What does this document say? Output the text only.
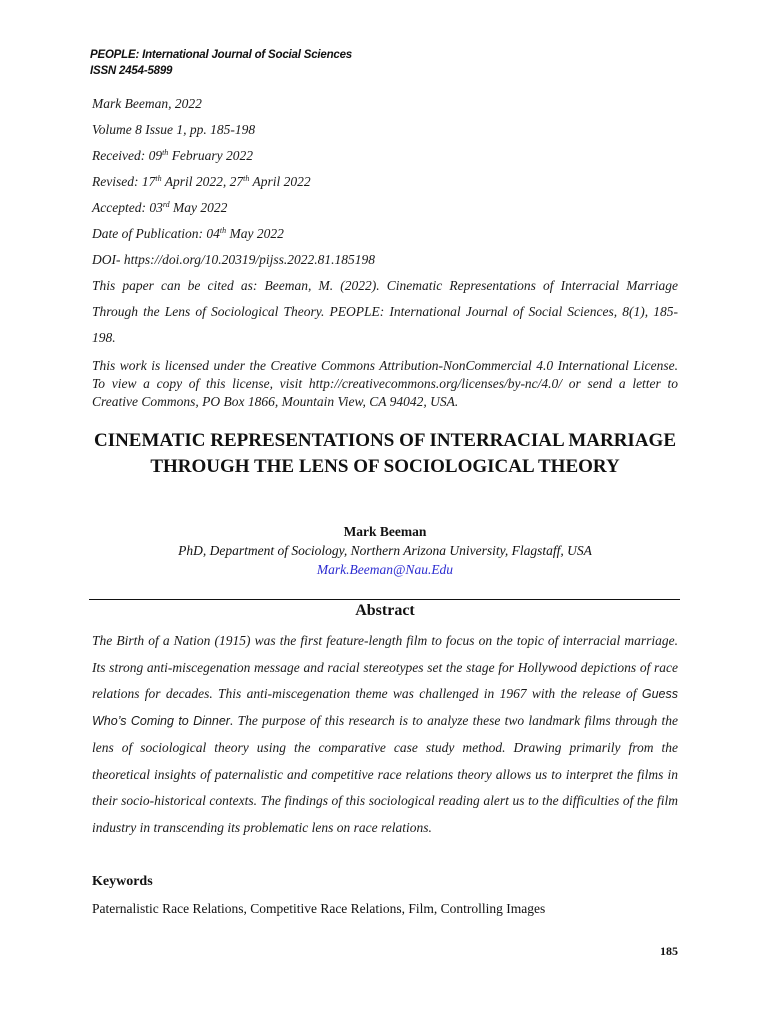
PEOPLE: International Journal of Social Sciences
ISSN 2454-5899
Mark Beeman, 2022
Volume 8 Issue 1, pp. 185-198
Received: 09th February 2022
Revised: 17th April 2022, 27th April 2022
Accepted: 03rd May 2022
Date of Publication: 04th May 2022
DOI- https://doi.org/10.20319/pijss.2022.81.185198
This paper can be cited as: Beeman, M. (2022). Cinematic Representations of Interracial Marriage Through the Lens of Sociological Theory. PEOPLE: International Journal of Social Sciences, 8(1), 185-198.
This work is licensed under the Creative Commons Attribution-NonCommercial 4.0 International License. To view a copy of this license, visit http://creativecommons.org/licenses/by-nc/4.0/ or send a letter to Creative Commons, PO Box 1866, Mountain View, CA 94042, USA.
CINEMATIC REPRESENTATIONS OF INTERRACIAL MARRIAGE THROUGH THE LENS OF SOCIOLOGICAL THEORY
Mark Beeman
PhD, Department of Sociology, Northern Arizona University, Flagstaff, USA
Mark.Beeman@Nau.Edu
Abstract
The Birth of a Nation (1915) was the first feature-length film to focus on the topic of interracial marriage. Its strong anti-miscegenation message and racial stereotypes set the stage for Hollywood depictions of race relations for decades. This anti-miscegenation theme was challenged in 1967 with the release of Guess Who’s Coming to Dinner. The purpose of this research is to analyze these two landmark films through the lens of sociological theory using the comparative case study method. Drawing primarily from the theoretical insights of paternalistic and competitive race relations theory allows us to interpret the films in their socio-historical contexts. The findings of this sociological reading alert us to the difficulties of the film industry in transcending its problematic lens on race relations.
Keywords
Paternalistic Race Relations, Competitive Race Relations, Film, Controlling Images
185
